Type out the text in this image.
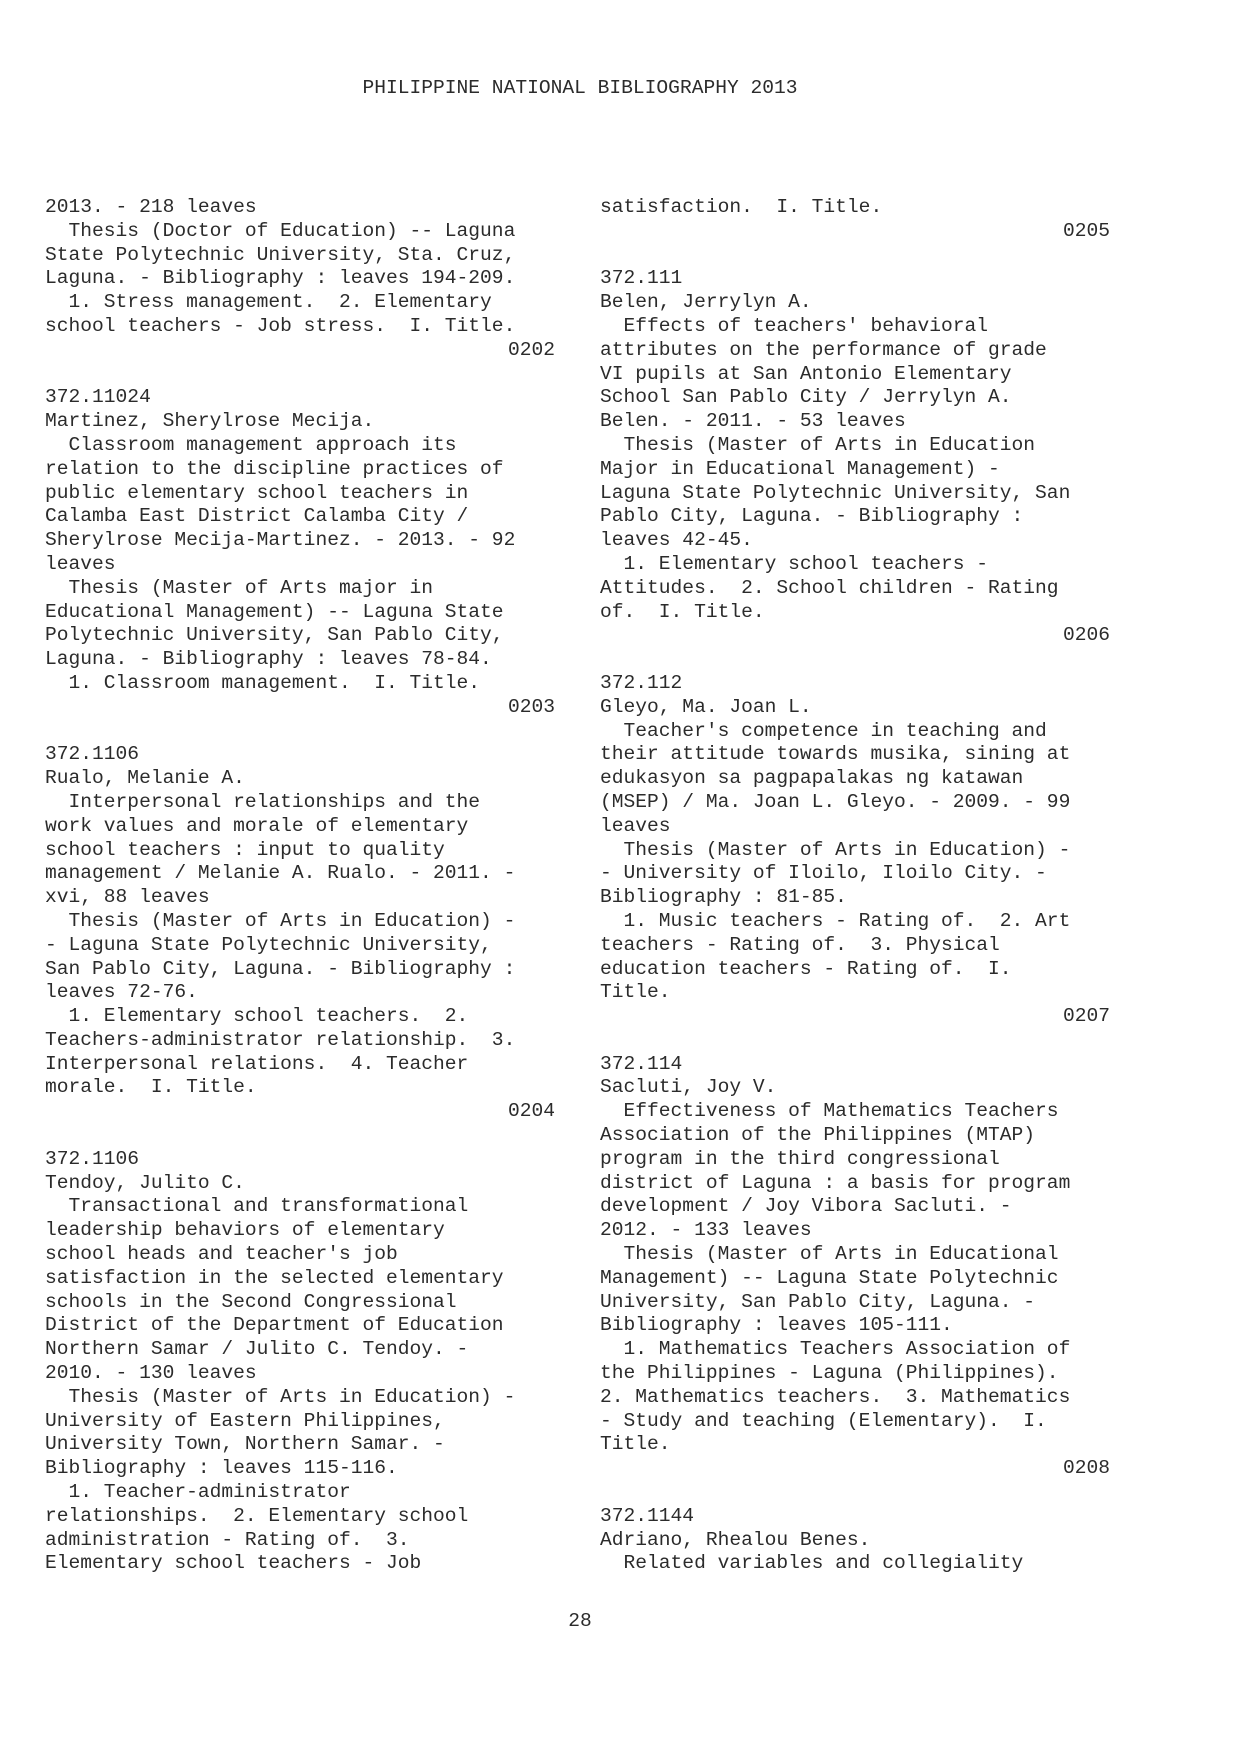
PHILIPPINE NATIONAL BIBLIOGRAPHY 2013
2013. - 218 leaves
Thesis (Doctor of Education) -- Laguna
State Polytechnic University, Sta. Cruz,
Laguna. - Bibliography : leaves 194-209.
1. Stress management.  2. Elementary
school teachers - Job stress.  I. Title.
0202
372.11024
Martinez, Sherylrose Mecija.
Classroom management approach its
relation to the discipline practices of
public elementary school teachers in
Calamba East District Calamba City /
Sherylrose Mecija-Martinez. - 2013. - 92
leaves
Thesis (Master of Arts major in
Educational Management) -- Laguna State
Polytechnic University, San Pablo City,
Laguna. - Bibliography : leaves 78-84.
1. Classroom management.  I. Title.
0203
372.1106
Rualo, Melanie A.
Interpersonal relationships and the
work values and morale of elementary
school teachers : input to quality
management / Melanie A. Rualo. - 2011. -
xvi, 88 leaves
Thesis (Master of Arts in Education) -
- Laguna State Polytechnic University,
San Pablo City, Laguna. - Bibliography :
leaves 72-76.
1. Elementary school teachers.  2.
Teachers-administrator relationship.  3.
Interpersonal relations.  4. Teacher
morale.  I. Title.
0204
372.1106
Tendoy, Julito C.
Transactional and transformational
leadership behaviors of elementary
school heads and teacher's job
satisfaction in the selected elementary
schools in the Second Congressional
District of the Department of Education
Northern Samar / Julito C. Tendoy. -
2010. - 130 leaves
Thesis (Master of Arts in Education) -
University of Eastern Philippines,
University Town, Northern Samar. -
Bibliography : leaves 115-116.
1. Teacher-administrator
relationships.  2. Elementary school
administration - Rating of.  3.
Elementary school teachers - Job
satisfaction.  I. Title.
0205
372.111
Belen, Jerrylyn A.
Effects of teachers' behavioral
attributes on the performance of grade
VI pupils at San Antonio Elementary
School San Pablo City / Jerrylyn A.
Belen. - 2011. - 53 leaves
Thesis (Master of Arts in Education
Major in Educational Management) -
Laguna State Polytechnic University, San
Pablo City, Laguna. - Bibliography :
leaves 42-45.
1. Elementary school teachers -
Attitudes.  2. School children - Rating
of.  I. Title.
0206
372.112
Gleyo, Ma. Joan L.
Teacher's competence in teaching and
their attitude towards musika, sining at
edukasyon sa pagpapalakas ng katawan
(MSEP) / Ma. Joan L. Gleyo. - 2009. - 99
leaves
Thesis (Master of Arts in Education) -
- University of Iloilo, Iloilo City. -
Bibliography : 81-85.
1. Music teachers - Rating of.  2. Art
teachers - Rating of.  3. Physical
education teachers - Rating of.  I.
Title.
0207
372.114
Sacluti, Joy V.
Effectiveness of Mathematics Teachers
Association of the Philippines (MTAP)
program in the third congressional
district of Laguna : a basis for program
development / Joy Vibora Sacluti. -
2012. - 133 leaves
Thesis (Master of Arts in Educational
Management) -- Laguna State Polytechnic
University, San Pablo City, Laguna. -
Bibliography : leaves 105-111.
1. Mathematics Teachers Association of
the Philippines - Laguna (Philippines).
2. Mathematics teachers.  3. Mathematics
- Study and teaching (Elementary).  I.
Title.
0208
372.1144
Adriano, Rhealou Benes.
Related variables and collegiality
28
